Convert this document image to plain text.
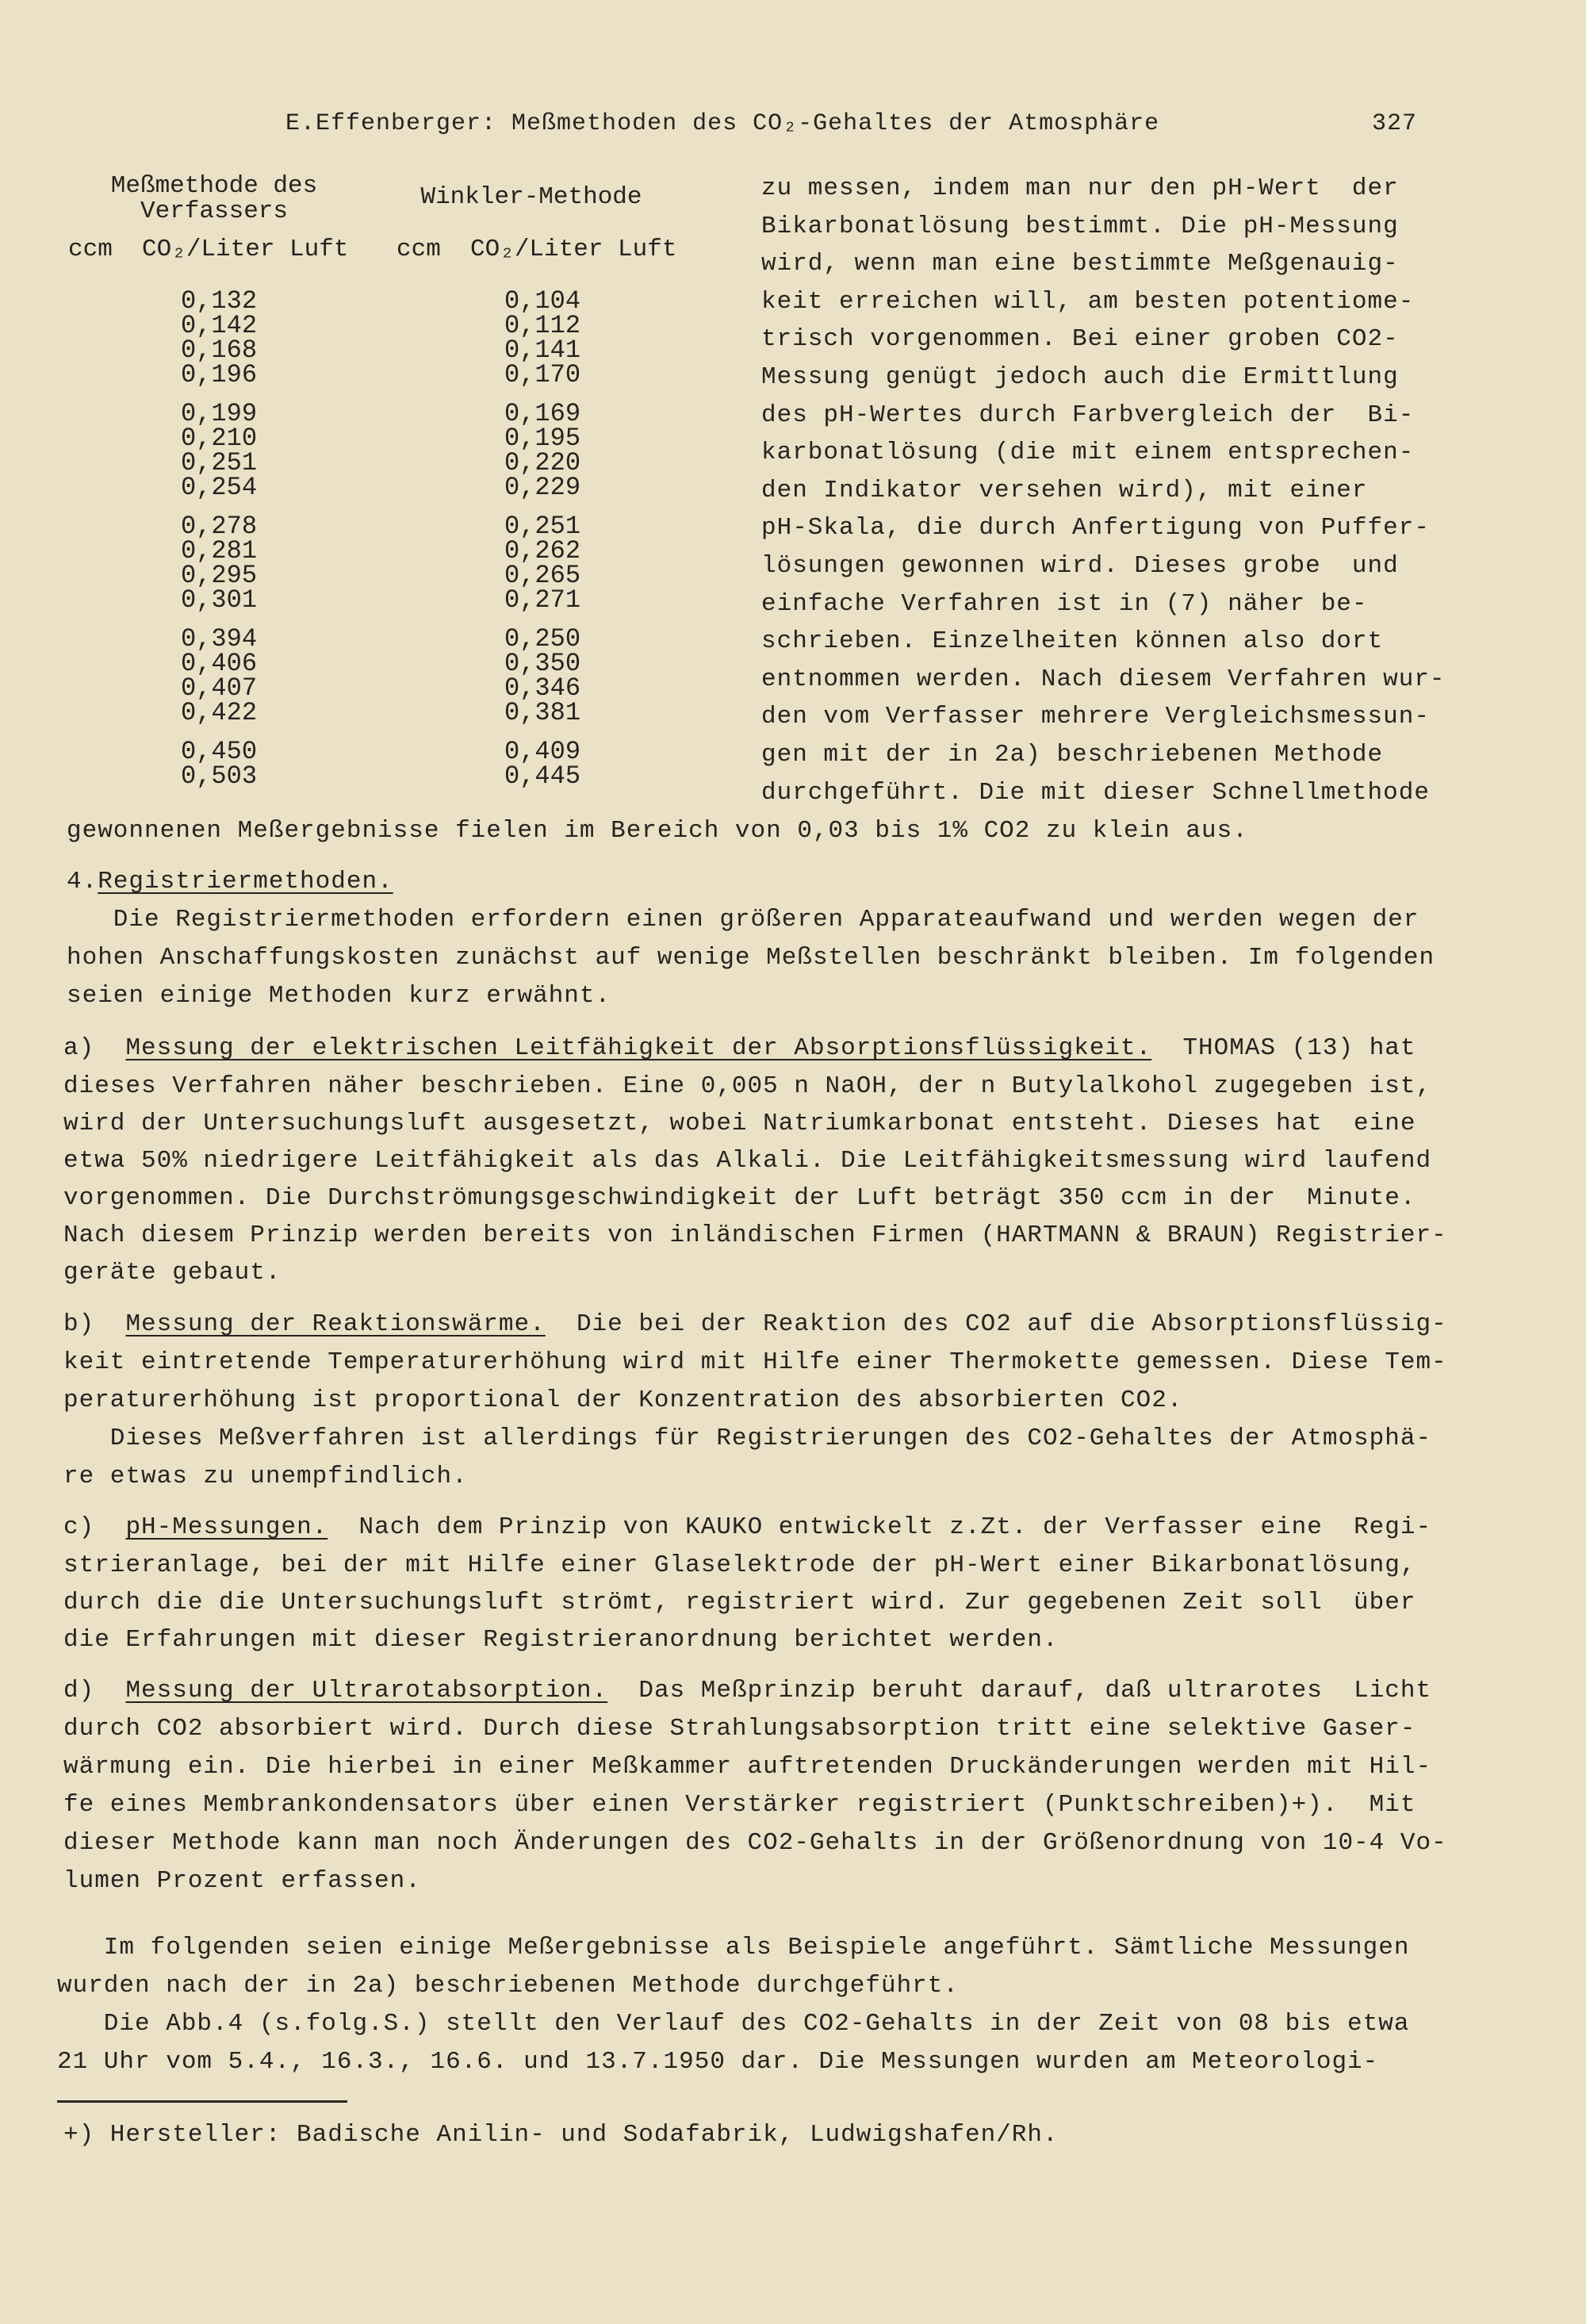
E.Effenberger: Meßmethoden des CO₂-Gehaltes der Atmosphäre	327
Meßmethode des
Verfassers
Winkler-Methode
ccm  CO₂/Liter Luft ccm  CO₂/Liter Luft
0,132	0,104
0,142	0,112
0,168	0,141
0,196	0,170
0,199	0,169
0,210	0,195
0,251	0,220
0,254	0,229
0,278	0,251
0,281	0,262
0,295	0,265
0,301	0,271
0,394	0,250
0,406	0,350
0,407	0,346
0,422	0,381
0,450	0,409
0,503	0,445
zu messen, indem man nur den pH-Wert  der
Bikarbonatlösung bestimmt. Die pH-Messung
wird, wenn man eine bestimmte Meßgenauig-
keit erreichen will, am besten potentiome-
trisch vorgenommen. Bei einer groben CO2-
Messung genügt jedoch auch die Ermittlung
des pH-Wertes durch Farbvergleich der  Bi-
karbonatlösung (die mit einem entsprechen-
den Indikator versehen wird), mit einer
pH-Skala, die durch Anfertigung von Puffer-
lösungen gewonnen wird. Dieses grobe  und
einfache Verfahren ist in (7) näher be-
schrieben. Einzelheiten können also dort
entnommen werden. Nach diesem Verfahren wur-
den vom Verfasser mehrere Vergleichsmessun-
gen mit der in 2a) beschriebenen Methode
durchgeführt. Die mit dieser Schnellmethode
gewonnenen Meßergebnisse fielen im Bereich von 0,03 bis 1% CO2 zu klein aus.
4.Registriermethoden.
Die Registriermethoden erfordern einen größeren Apparateaufwand und werden wegen der
hohen Anschaffungskosten zunächst auf wenige Meßstellen beschränkt bleiben. Im folgenden
seien einige Methoden kurz erwähnt.
a) Messung der elektrischen Leitfähigkeit der Absorptionsflüssigkeit.  THOMAS (13) hat
dieses Verfahren näher beschrieben. Eine 0,005 n NaOH, der n Butylalkohol zugegeben ist,
wird der Untersuchungsluft ausgesetzt, wobei Natriumkarbonat entsteht. Dieses hat  eine
etwa 50% niedrigere Leitfähigkeit als das Alkali. Die Leitfähigkeitsmessung wird laufend
vorgenommen. Die Durchströmungsgeschwindigkeit der Luft beträgt 350 ccm in der  Minute.
Nach diesem Prinzip werden bereits von inländischen Firmen (HARTMANN & BRAUN) Registrier-
geräte gebaut.
b) Messung der Reaktionswärme.  Die bei der Reaktion des CO2 auf die Absorptionsflüssig-
keit eintretende Temperaturerhöhung wird mit Hilfe einer Thermokette gemessen. Diese Tem-
peraturerhöhung ist proportional der Konzentration des absorbierten CO2.
Dieses Meßverfahren ist allerdings für Registrierungen des CO2-Gehaltes der Atmosphä-
re etwas zu unempfindlich.
c) pH-Messungen.  Nach dem Prinzip von KAUKO entwickelt z.Zt. der Verfasser eine  Regi-
strieranlage, bei der mit Hilfe einer Glaselektrode der pH-Wert einer Bikarbonatlösung,
durch die die Untersuchungsluft strömt, registriert wird. Zur gegebenen Zeit soll  über
die Erfahrungen mit dieser Registrieranordnung berichtet werden.
d) Messung der Ultrarotabsorption.  Das Meßprinzip beruht darauf, daß ultrarotes  Licht
durch CO2 absorbiert wird. Durch diese Strahlungsabsorption tritt eine selektive Gaser-
wärmung ein. Die hierbei in einer Meßkammer auftretenden Druckänderungen werden mit Hil-
fe eines Membrankondensators über einen Verstärker registriert (Punktschreiben)+).  Mit
dieser Methode kann man noch Änderungen des CO2-Gehalts in der Größenordnung von 10-4 Vo-
lumen Prozent erfassen.
Im folgenden seien einige Meßergebnisse als Beispiele angeführt. Sämtliche Messungen
wurden nach der in 2a) beschriebenen Methode durchgeführt.
Die Abb.4 (s.folg.S.) stellt den Verlauf des CO2-Gehalts in der Zeit von 08 bis etwa
21 Uhr vom 5.4., 16.3., 16.6. und 13.7.1950 dar. Die Messungen wurden am Meteorologi-
+) Hersteller: Badische Anilin- und Sodafabrik, Ludwigshafen/Rh.
